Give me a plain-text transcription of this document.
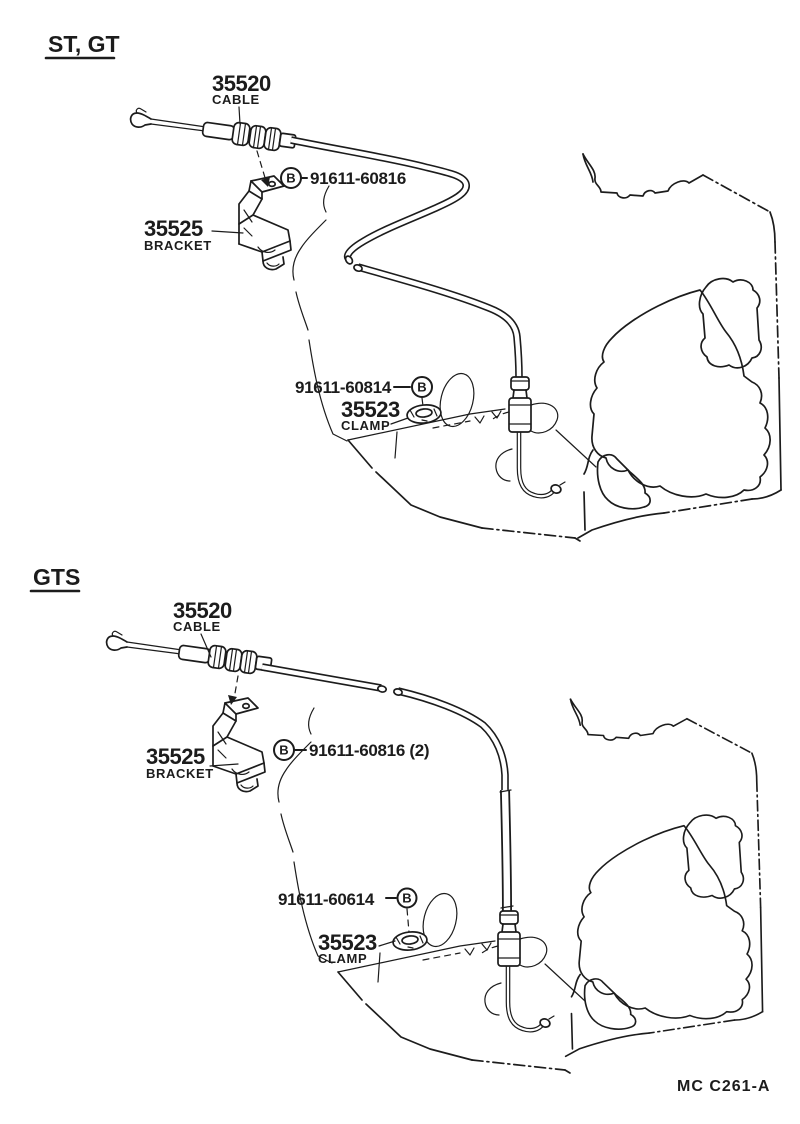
ST, GT
35520
CABLE
B 91611-60816
35525
BRACKET
91611-60814 B
35523
CLAMP
GTS
35520
CABLE
B 91611-60816 (2)
35525
BRACKET
91611-60614 B
35523
CLAMP
MC C261-A
